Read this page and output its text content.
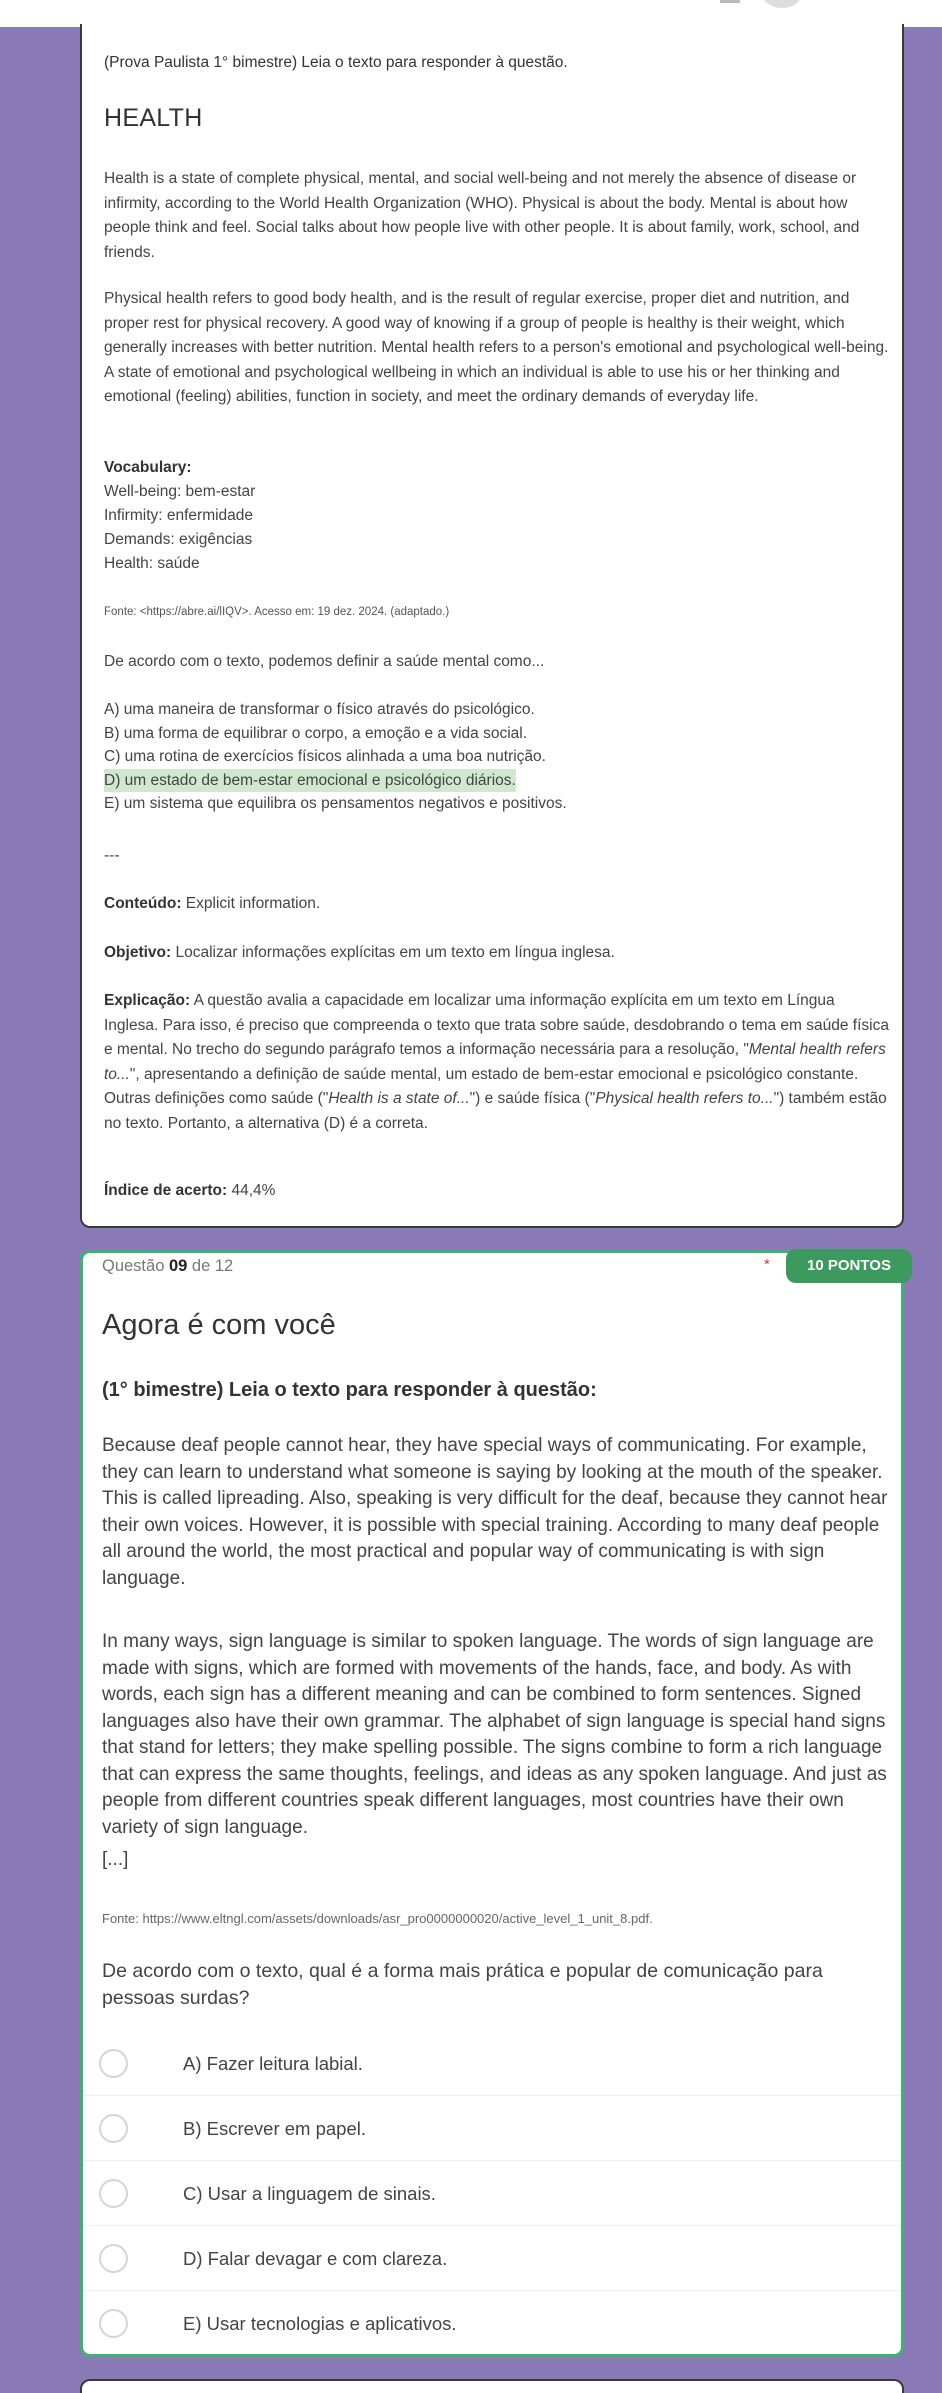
(Prova Paulista 1° bimestre) Leia o texto para responder à questão.
HEALTH
Health is a state of complete physical, mental, and social well-being and not merely the absence of disease or infirmity, according to the World Health Organization (WHO). Physical is about the body. Mental is about how people think and feel. Social talks about how people live with other people. It is about family, work, school, and friends.
Physical health refers to good body health, and is the result of regular exercise, proper diet and nutrition, and proper rest for physical recovery. A good way of knowing if a group of people is healthy is their weight, which generally increases with better nutrition. Mental health refers to a person's emotional and psychological well-being. A state of emotional and psychological wellbeing in which an individual is able to use his or her thinking and emotional (feeling) abilities, function in society, and meet the ordinary demands of everyday life.
Vocabulary:
Well-being: bem-estar
Infirmity: enfermidade
Demands: exigências
Health: saúde
Fonte: <https://abre.ai/lIQV>. Acesso em: 19 dez. 2024. (adaptado.)
De acordo com o texto, podemos definir a saúde mental como...
A) uma maneira de transformar o físico através do psicológico.
B) uma forma de equilibrar o corpo, a emoção e a vida social.
C) uma rotina de exercícios físicos alinhada a uma boa nutrição.
D) um estado de bem-estar emocional e psicológico diários.
E) um sistema que equilibra os pensamentos negativos e positivos.
---
Conteúdo: Explicit information.
Objetivo: Localizar informações explícitas em um texto em língua inglesa.
Explicação: A questão avalia a capacidade em localizar uma informação explícita em um texto em Língua Inglesa. Para isso, é preciso que compreenda o texto que trata sobre saúde, desdobrando o tema em saúde física e mental. No trecho do segundo parágrafo temos a informação necessária para a resolução, "Mental health refers to...", apresentando a definição de saúde mental, um estado de bem-estar emocional e psicológico constante. Outras definições como saúde ("Health is a state of...") e saúde física ("Physical health refers to...") também estão no texto. Portanto, a alternativa (D) é a correta.
Índice de acerto: 44,4%
Questão 09 de 12	*	10 PONTOS
Agora é com você
(1° bimestre) Leia o texto para responder à questão:
Because deaf people cannot hear, they have special ways of communicating. For example, they can learn to understand what someone is saying by looking at the mouth of the speaker. This is called lipreading. Also, speaking is very difficult for the deaf, because they cannot hear their own voices. However, it is possible with special training. According to many deaf people all around the world, the most practical and popular way of communicating is with sign language.
In many ways, sign language is similar to spoken language. The words of sign language are made with signs, which are formed with movements of the hands, face, and body. As with words, each sign has a different meaning and can be combined to form sentences. Signed languages also have their own grammar. The alphabet of sign language is special hand signs that stand for letters; they make spelling possible. The signs combine to form a rich language that can express the same thoughts, feelings, and ideas as any spoken language. And just as people from different countries speak different languages, most countries have their own variety of sign language.
[...]
Fonte: https://www.eltngl.com/assets/downloads/asr_pro0000000020/active_level_1_unit_8.pdf.
De acordo com o texto, qual é a forma mais prática e popular de comunicação para pessoas surdas?
A) Fazer leitura labial.
B) Escrever em papel.
C) Usar a linguagem de sinais.
D) Falar devagar e com clareza.
E) Usar tecnologias e aplicativos.
